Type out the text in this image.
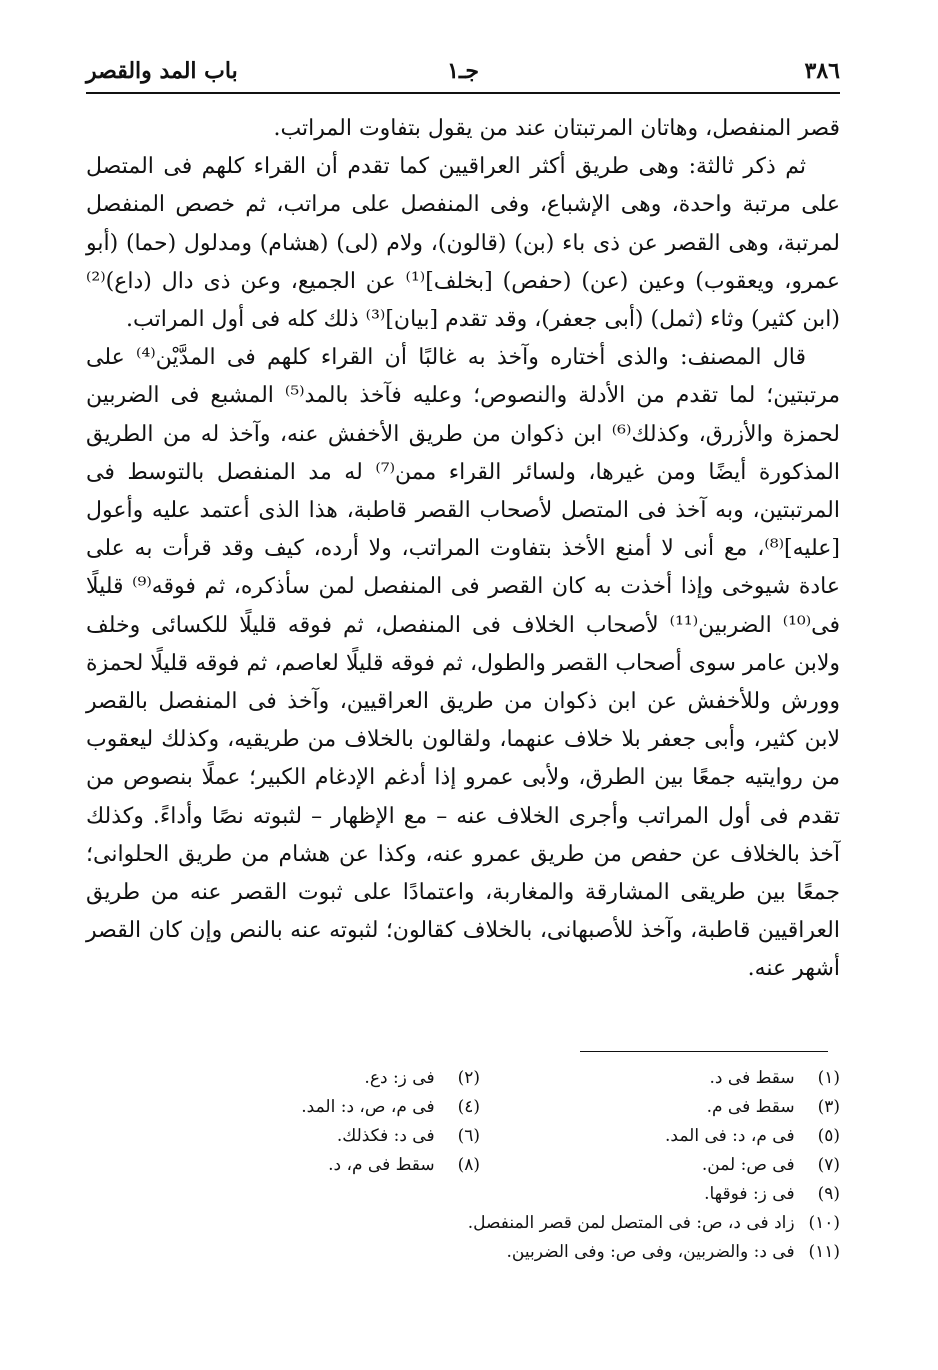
باب المد والقصر	جـ١	٣٨٦

قصر المنفصل، وهاتان المرتبتان عند من يقول بتفاوت المراتب.

ثم ذكر ثالثة: وهى طريق أكثر العراقيين كما تقدم أن القراء كلهم فى المتصل على مرتبة واحدة، وهى الإشباع، وفى المنفصل على مراتب، ثم خصص المنفصل لمرتبة، وهى القصر عن ذى باء (بن) (قالون)، ولام (لى) (هشام) ومدلول (حما) (أبو عمرو، ويعقوب) وعين (عن) (حفص) [بخلف]⁽¹⁾ عن الجميع، وعن ذى دال (داع)⁽²⁾ (ابن كثير) وثاء (ثمل) (أبى جعفر)، وقد تقدم [بيان]⁽³⁾ ذلك كله فى أول المراتب.

قال المصنف: والذى أختاره وآخذ به غالبًا أن القراء كلهم فى المدَّيْن⁽⁴⁾ على مرتبتين؛ لما تقدم من الأدلة والنصوص؛ وعليه فآخذ بالمد⁽⁵⁾ المشبع فى الضربين لحمزة والأزرق، وكذلك⁽⁶⁾ ابن ذكوان من طريق الأخفش عنه، وآخذ له من الطريق المذكورة أيضًا ومن غيرها، ولسائر القراء ممن⁽⁷⁾ له مد المنفصل بالتوسط فى المرتبتين، وبه آخذ فى المتصل لأصحاب القصر قاطبة، هذا الذى أعتمد عليه وأعول [عليه]⁽⁸⁾، مع أنى لا أمنع الأخذ بتفاوت المراتب، ولا أرده، كيف وقد قرأت به على عادة شيوخى وإذا أخذت به كان القصر فى المنفصل لمن سأذكره، ثم فوقه⁽⁹⁾ قليلًا فى⁽¹⁰⁾ الضربين⁽¹¹⁾ لأصحاب الخلاف فى المنفصل، ثم فوقه قليلًا للكسائى وخلف ولابن عامر سوى أصحاب القصر والطول، ثم فوقه قليلًا لعاصم، ثم فوقه قليلًا لحمزة وورش وللأخفش عن ابن ذكوان من طريق العراقيين، وآخذ فى المنفصل بالقصر لابن كثير، وأبى جعفر بلا خلاف عنهما، ولقالون بالخلاف من طريقيه، وكذلك ليعقوب من روايتيه جمعًا بين الطرق، ولأبى عمرو إذا أدغم الإدغام الكبير؛ عملًا بنصوص من تقدم فى أول المراتب وأجرى الخلاف عنه – مع الإظهار – لثبوته نصًا وأداءً. وكذلك آخذ بالخلاف عن حفص من طريق عمرو عنه، وكذا عن هشام من طريق الحلوانى؛ جمعًا بين طريقى المشارقة والمغاربة، واعتمادًا على ثبوت القصر عنه من طريق العراقيين قاطبة، وآخذ للأصبهانى، بالخلاف كقالون؛ لثبوته عنه بالنص وإن كان القصر أشهر عنه.

(١) سقط فى د.
(٢) فى ز: دع.
(٣) سقط فى م.
(٤) فى م، ص، د: المد.
(٥) فى م، د: فى المد.
(٦) فى د: فكذلك.
(٧) فى ص: لمن.
(٨) سقط فى م، د.
(٩) فى ز: فوقها.
(١٠) زاد فى د، ص: فى المتصل لمن قصر المنفصل.
(١١) فى د: والضربين، وفى ص: وفى الضربين.
